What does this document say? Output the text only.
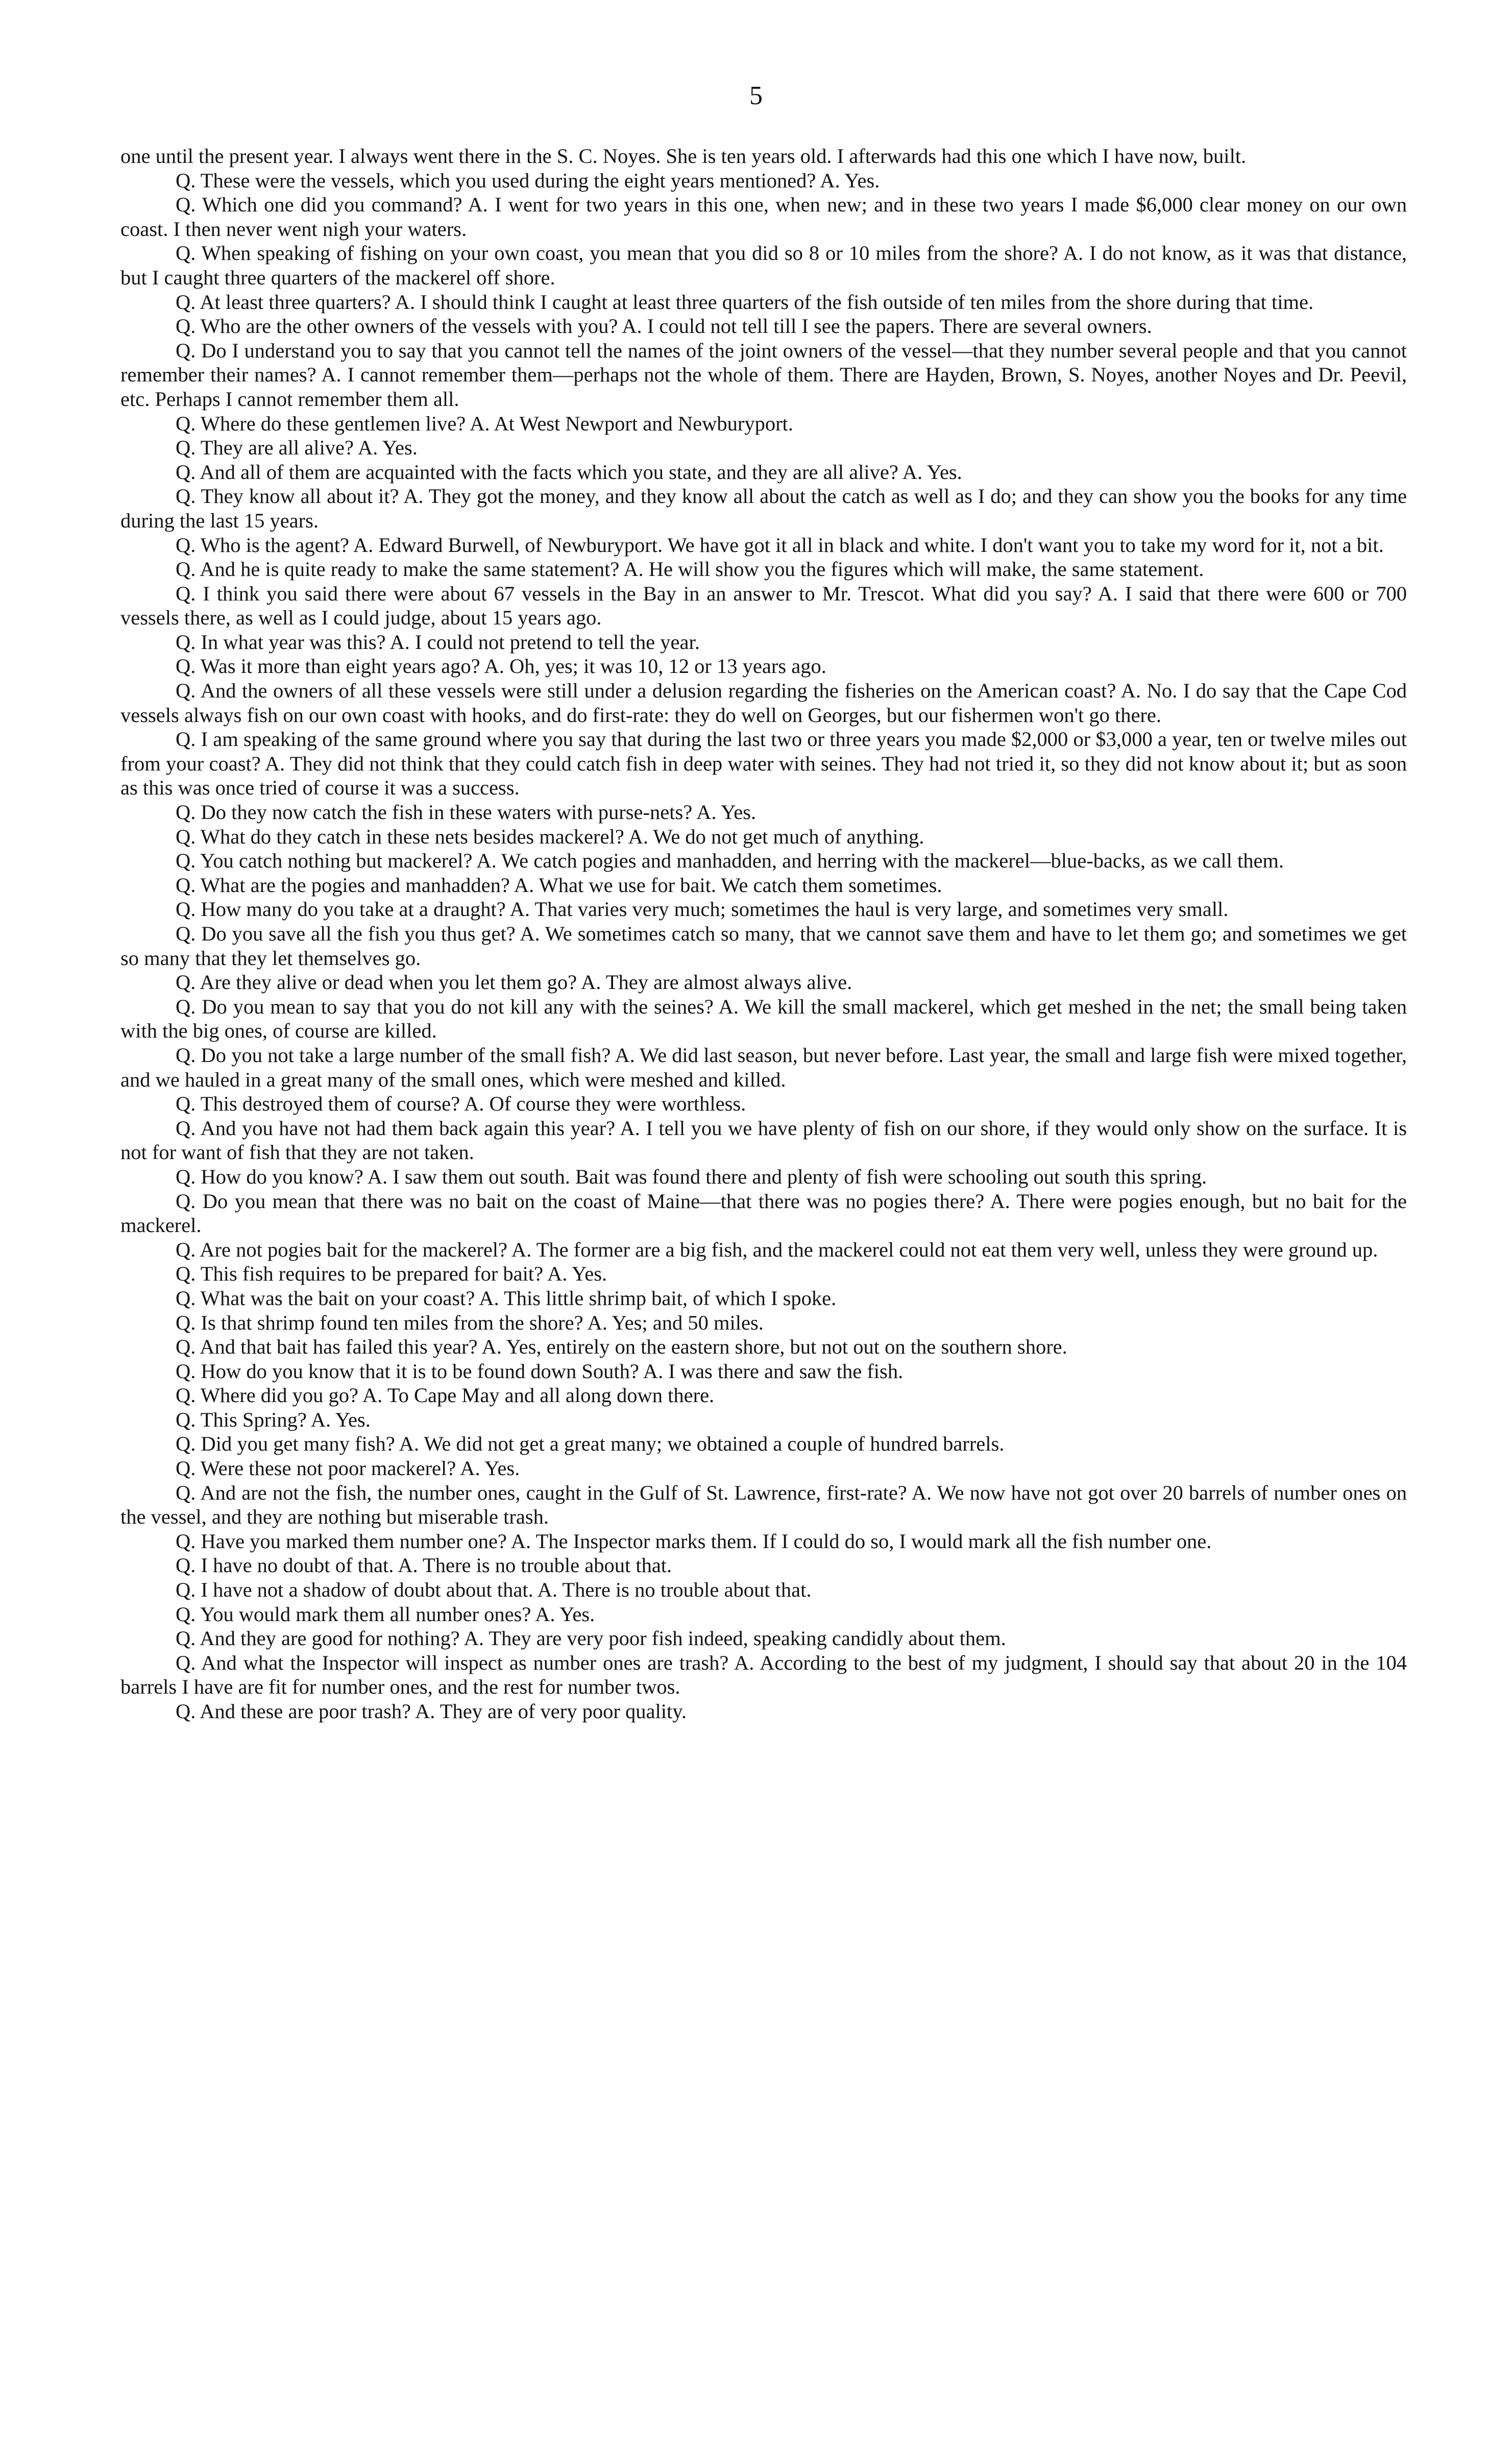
5

one until the present year. I always went there in the S. C. Noyes. She is ten years old. I afterwards had this one which I have now, built.

Q. These were the vessels, which you used during the eight years mentioned? A. Yes.

Q. Which one did you command? A. I went for two years in this one, when new; and in these two years I made $6,000 clear money on our own coast. I then never went nigh your waters.

Q. When speaking of fishing on your own coast, you mean that you did so 8 or 10 miles from the shore? A. I do not know, as it was that distance, but I caught three quarters of the mackerel off shore.

Q. At least three quarters? A. I should think I caught at least three quarters of the fish outside of ten miles from the shore during that time.

Q. Who are the other owners of the vessels with you? A. I could not tell till I see the papers. There are several owners.

Q. Do I understand you to say that you cannot tell the names of the joint owners of the vessel—that they number several people and that you cannot remember their names? A. I cannot remember them—perhaps not the whole of them. There are Hayden, Brown, S. Noyes, another Noyes and Dr. Peevil, etc. Perhaps I cannot remember them all.

Q. Where do these gentlemen live? A. At West Newport and Newburyport.

Q. They are all alive? A. Yes.

Q. And all of them are acquainted with the facts which you state, and they are all alive? A. Yes.

Q. They know all about it? A. They got the money, and they know all about the catch as well as I do; and they can show you the books for any time during the last 15 years.

Q. Who is the agent? A. Edward Burwell, of Newburyport. We have got it all in black and white. I don't want you to take my word for it, not a bit.

Q. And he is quite ready to make the same statement? A. He will show you the figures which will make, the same statement.

Q. I think you said there were about 67 vessels in the Bay in an answer to Mr. Trescot. What did you say? A. I said that there were 600 or 700 vessels there, as well as I could judge, about 15 years ago.

Q. In what year was this? A. I could not pretend to tell the year.

Q. Was it more than eight years ago? A. Oh, yes; it was 10, 12 or 13 years ago.

Q. And the owners of all these vessels were still under a delusion regarding the fisheries on the American coast? A. No. I do say that the Cape Cod vessels always fish on our own coast with hooks, and do first-rate: they do well on Georges, but our fishermen won't go there.

Q. I am speaking of the same ground where you say that during the last two or three years you made $2,000 or $3,000 a year, ten or twelve miles out from your coast? A. They did not think that they could catch fish in deep water with seines. They had not tried it, so they did not know about it; but as soon as this was once tried of course it was a success.

Q. Do they now catch the fish in these waters with purse-nets? A. Yes.

Q. What do they catch in these nets besides mackerel? A. We do not get much of anything.

Q. You catch nothing but mackerel? A. We catch pogies and manhadden, and herring with the mackerel—blue-backs, as we call them.

Q. What are the pogies and manhadden? A. What we use for bait. We catch them sometimes.

Q. How many do you take at a draught? A. That varies very much; sometimes the haul is very large, and sometimes very small.

Q. Do you save all the fish you thus get? A. We sometimes catch so many, that we cannot save them and have to let them go; and sometimes we get so many that they let themselves go.

Q. Are they alive or dead when you let them go? A. They are almost always alive.

Q. Do you mean to say that you do not kill any with the seines? A. We kill the small mackerel, which get meshed in the net; the small being taken with the big ones, of course are killed.

Q. Do you not take a large number of the small fish? A. We did last season, but never before. Last year, the small and large fish were mixed together, and we hauled in a great many of the small ones, which were meshed and killed.

Q. This destroyed them of course? A. Of course they were worthless.

Q. And you have not had them back again this year? A. I tell you we have plenty of fish on our shore, if they would only show on the surface. It is not for want of fish that they are not taken.

Q. How do you know? A. I saw them out south. Bait was found there and plenty of fish were schooling out south this spring.

Q. Do you mean that there was no bait on the coast of Maine—that there was no pogies there? A. There were pogies enough, but no bait for the mackerel.

Q. Are not pogies bait for the mackerel? A. The former are a big fish, and the mackerel could not eat them very well, unless they were ground up.

Q. This fish requires to be prepared for bait? A. Yes.

Q. What was the bait on your coast? A. This little shrimp bait, of which I spoke.

Q. Is that shrimp found ten miles from the shore? A. Yes; and 50 miles.

Q. And that bait has failed this year? A. Yes, entirely on the eastern shore, but not out on the southern shore.

Q. How do you know that it is to be found down South? A. I was there and saw the fish.

Q. Where did you go? A. To Cape May and all along down there.

Q. This Spring? A. Yes.

Q. Did you get many fish? A. We did not get a great many; we obtained a couple of hundred barrels.

Q. Were these not poor mackerel? A. Yes.

Q. And are not the fish, the number ones, caught in the Gulf of St. Lawrence, first-rate? A. We now have not got over 20 barrels of number ones on the vessel, and they are nothing but miserable trash.

Q. Have you marked them number one? A. The Inspector marks them. If I could do so, I would mark all the fish number one.

Q. I have no doubt of that. A. There is no trouble about that.

Q. I have not a shadow of doubt about that. A. There is no trouble about that.

Q. You would mark them all number ones? A. Yes.

Q. And they are good for nothing? A. They are very poor fish indeed, speaking candidly about them.

Q. And what the Inspector will inspect as number ones are trash? A. According to the best of my judgment, I should say that about 20 in the 104 barrels I have are fit for number ones, and the rest for number twos.

Q. And these are poor trash? A. They are of very poor quality.
